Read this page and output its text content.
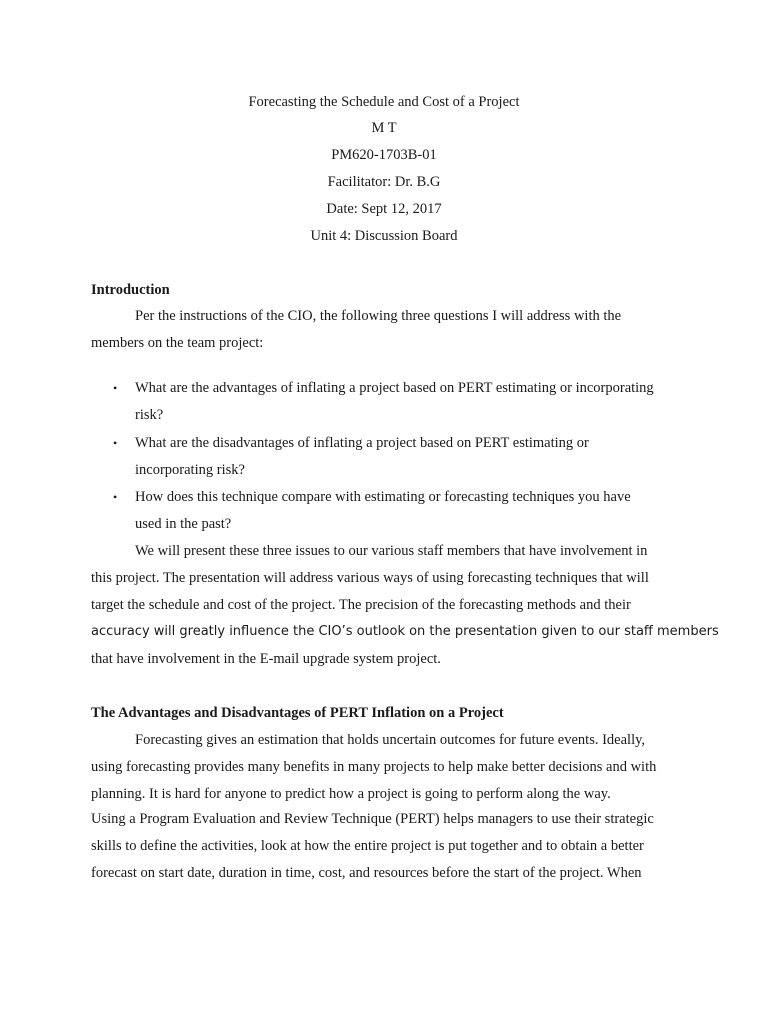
Forecasting the Schedule and Cost of a Project
M T
PM620-1703B-01
Facilitator: Dr. B.G
Date: Sept 12, 2017
Unit 4: Discussion Board
Introduction
Per the instructions of the CIO, the following three questions I will address with the
members on the team project:
• What are the advantages of inflating a project based on PERT estimating or incorporating
risk?
• What are the disadvantages of inflating a project based on PERT estimating or
incorporating risk?
• How does this technique compare with estimating or forecasting techniques you have
used in the past?
We will present these three issues to our various staff members that have involvement in
this project. The presentation will address various ways of using forecasting techniques that will
target the schedule and cost of the project. The precision of the forecasting methods and their
accuracy will greatly influence the CIO’s outlook on the presentation given to our staff members
that have involvement in the E-mail upgrade system project.
The Advantages and Disadvantages of PERT Inflation on a Project
Forecasting gives an estimation that holds uncertain outcomes for future events. Ideally,
using forecasting provides many benefits in many projects to help make better decisions and with
planning. It is hard for anyone to predict how a project is going to perform along the way.
Using a Program Evaluation and Review Technique (PERT) helps managers to use their strategic
skills to define the activities, look at how the entire project is put together and to obtain a better
forecast on start date, duration in time, cost, and resources before the start of the project. When
